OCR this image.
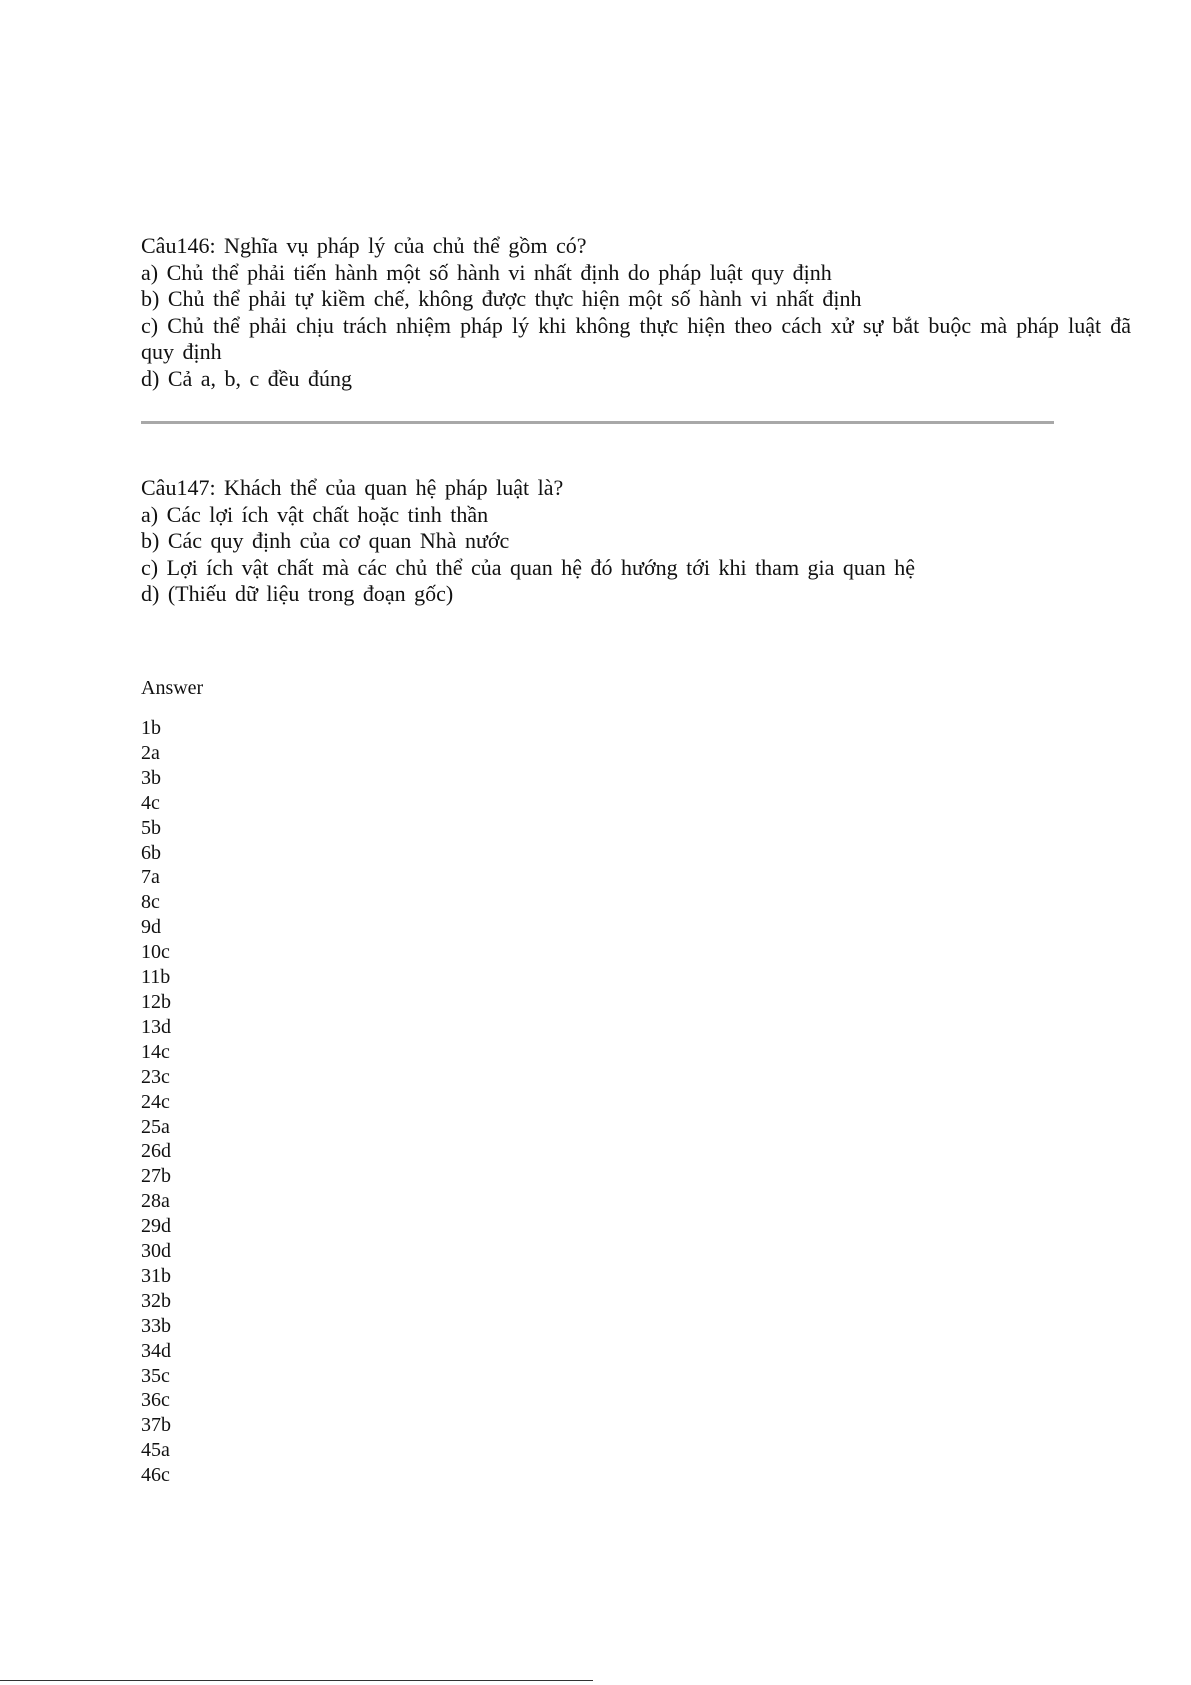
Câu146: Nghĩa vụ pháp lý của chủ thể gồm có?

a) Chủ thể phải tiến hành một số hành vi nhất định do pháp luật quy định

b) Chủ thể phải tự kiềm chế, không được thực hiện một số hành vi nhất định

c) Chủ thể phải chịu trách nhiệm pháp lý khi không thực hiện theo cách xử sự bắt buộc mà pháp luật đã quy định

d) Cả a, b, c đều đúng

Câu147: Khách thể của quan hệ pháp luật là?

a) Các lợi ích vật chất hoặc tinh thần

b) Các quy định của cơ quan Nhà nước

c) Lợi ích vật chất mà các chủ thể của quan hệ đó hướng tới khi tham gia quan hệ

d) (Thiếu dữ liệu trong đoạn gốc)

Answer

1b
2a
3b
4c
5b
6b
7a
8c
9d
10c
11b
12b
13d
14c
23c
24c
25a
26d
27b
28a
29d
30d
31b
32b
33b
34d
35c
36c
37b
45a
46c
